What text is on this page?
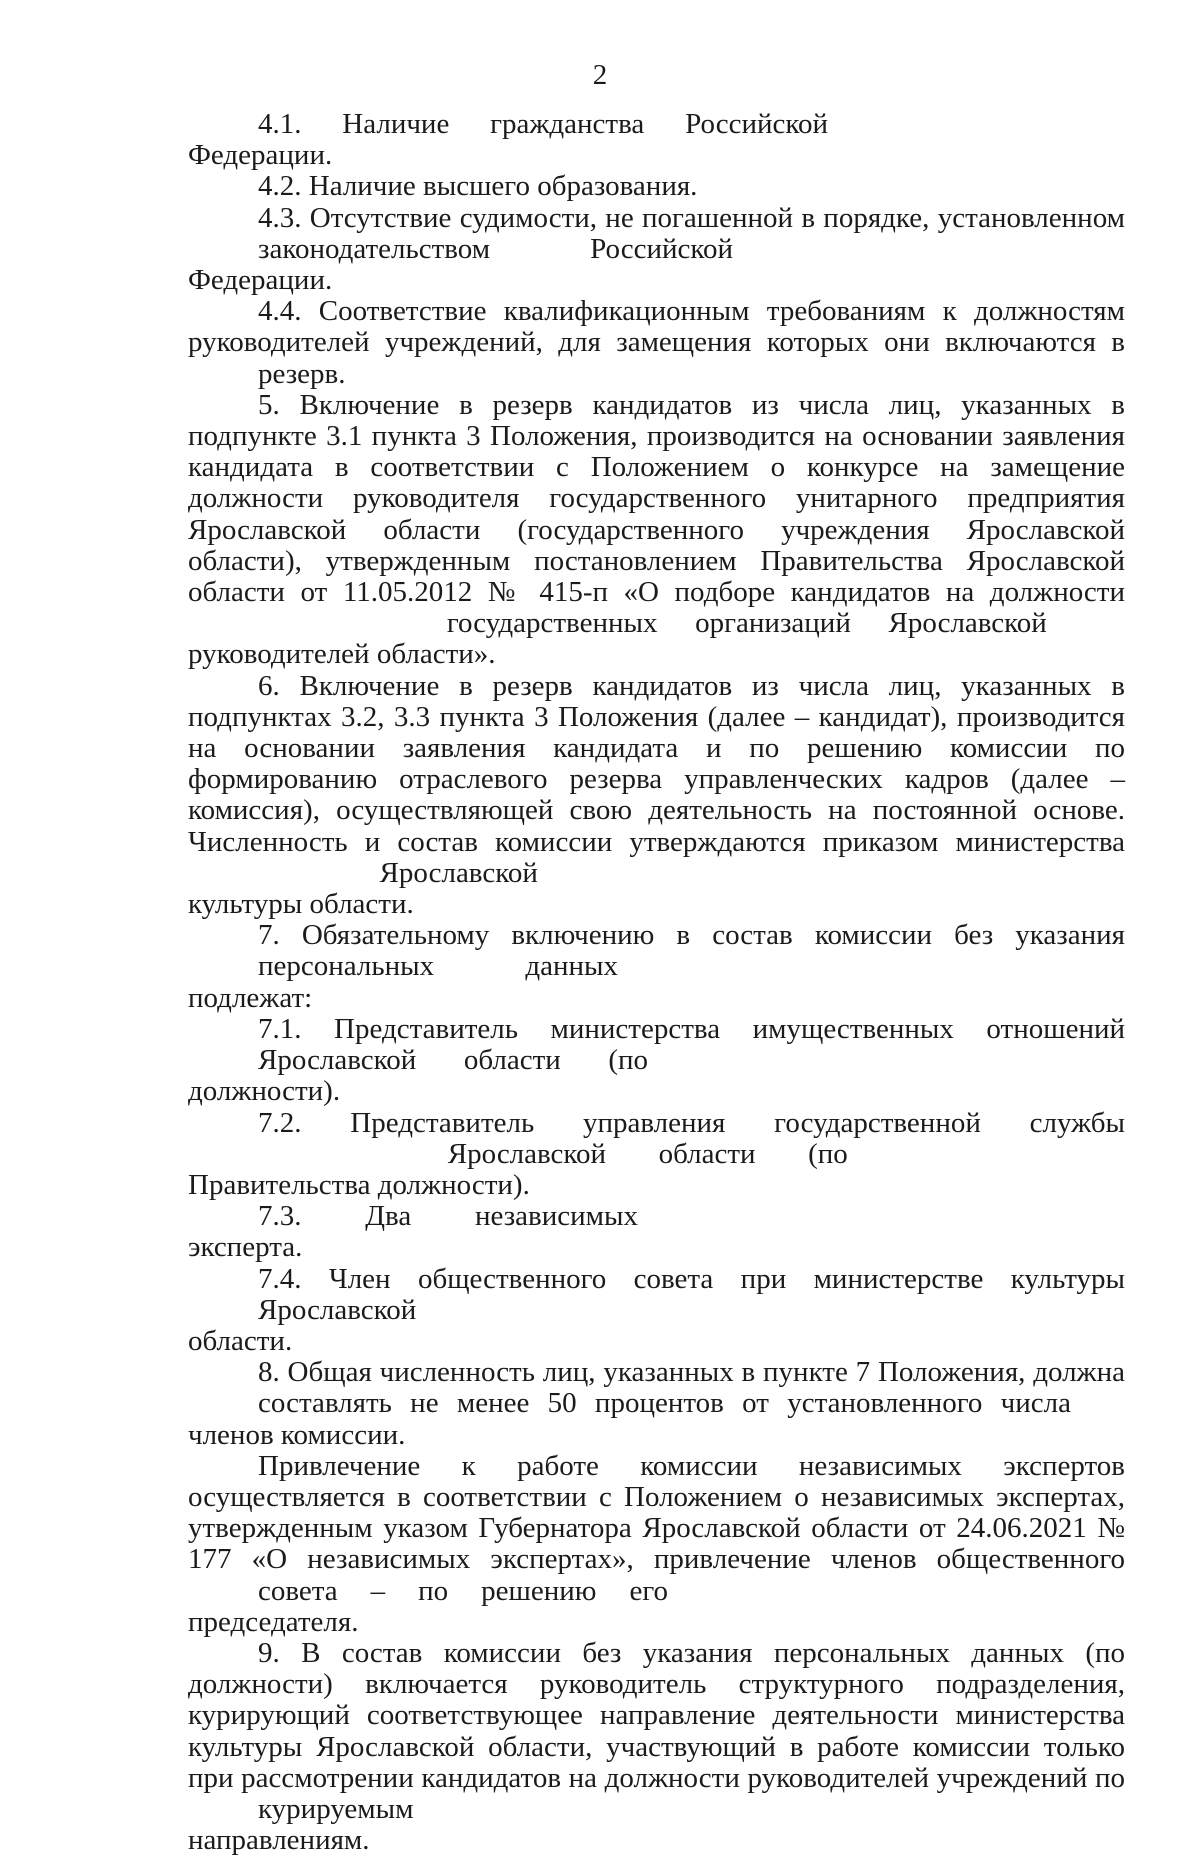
2

4.1. Наличие гражданства Российской Федерации.

4.2. Наличие высшего образования.

4.3. Отсутствие судимости, не погашенной в порядке, установленном законодательством Российской Федерации.

4.4. Соответствие квалификационным требованиям к должностям руководителей учреждений, для замещения которых они включаются в резерв.

5. Включение в резерв кандидатов из числа лиц, указанных в подпункте 3.1 пункта 3 Положения, производится на основании заявления кандидата в соответствии с Положением о конкурсе на замещение должности руководителя государственного унитарного предприятия Ярославской области (государственного учреждения Ярославской области), утвержденным постановлением Правительства Ярославской области от 11.05.2012 № 415-п «О подборе кандидатов на должности руководителей государственных организаций Ярославской области».

6. Включение в резерв кандидатов из числа лиц, указанных в подпунктах 3.2, 3.3 пункта 3 Положения (далее – кандидат), производится на основании заявления кандидата и по решению комиссии по формированию отраслевого резерва управленческих кадров (далее – комиссия), осуществляющей свою деятельность на постоянной основе. Численность и состав комиссии утверждаются приказом министерства культуры Ярославской области.

7. Обязательному включению в состав комиссии без указания персональных данных подлежат:

7.1. Представитель министерства имущественных отношений Ярославской области (по должности).

7.2. Представитель управления государственной службы Правительства Ярославской области (по должности).

7.3. Два независимых эксперта.

7.4. Член общественного совета при министерстве культуры Ярославской области.

8. Общая численность лиц, указанных в пункте 7 Положения, должна составлять не менее 50 процентов от установленного числа членов комиссии.

Привлечение к работе комиссии независимых экспертов осуществляется в соответствии с Положением о независимых экспертах, утвержденным указом Губернатора Ярославской области от 24.06.2021 № 177 «О независимых экспертах», привлечение членов общественного совета – по решению его председателя.

9. В состав комиссии без указания персональных данных (по должности) включается руководитель структурного подразделения, курирующий соответствующее направление деятельности министерства культуры Ярославской области, участвующий в работе комиссии только при рассмотрении кандидатов на должности руководителей учреждений по курируемым направлениям.
